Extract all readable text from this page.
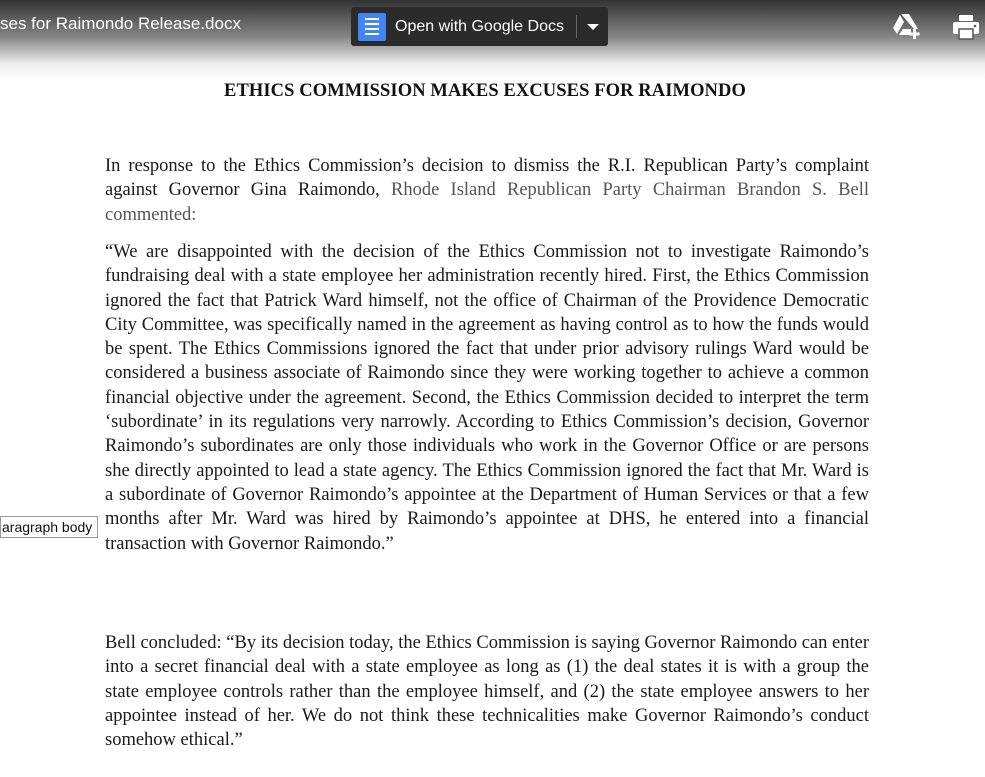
ses for Raimondo Release.docx	Open with Google Docs
ETHICS COMMISSION MAKES EXCUSES FOR RAIMONDO
In response to the Ethics Commission’s decision to dismiss the R.I. Republican Party’s complaint against Governor Gina Raimondo, Rhode Island Republican Party Chairman Brandon S. Bell commented:
“We are disappointed with the decision of the Ethics Commission not to investigate Raimondo’s fundraising deal with a state employee her administration recently hired. First, the Ethics Commission ignored the fact that Patrick Ward himself, not the office of Chairman of the Providence Democratic City Committee, was specifically named in the agreement as having control as to how the funds would be spent. The Ethics Commissions ignored the fact that under prior advisory rulings Ward would be considered a business associate of Raimondo since they were working together to achieve a common financial objective under the agreement. Second, the Ethics Commission decided to interpret the term ‘subordinate’ in its regulations very narrowly. According to Ethics Commission’s decision, Governor Raimondo’s subordinates are only those individuals who work in the Governor Office or are persons she directly appointed to lead a state agency. The Ethics Commission ignored the fact that Mr. Ward is a subordinate of Governor Raimondo’s appointee at the Department of Human Services or that a few months after Mr. Ward was hired by Raimondo’s appointee at DHS, he entered into a financial transaction with Governor Raimondo.”
Bell concluded: “By its decision today, the Ethics Commission is saying Governor Raimondo can enter into a secret financial deal with a state employee as long as (1) the deal states it is with a group the state employee controls rather than the employee himself, and (2) the state employee answers to her appointee instead of her. We do not think these technicalities make Governor Raimondo’s conduct somehow ethical.”
aragraph body
